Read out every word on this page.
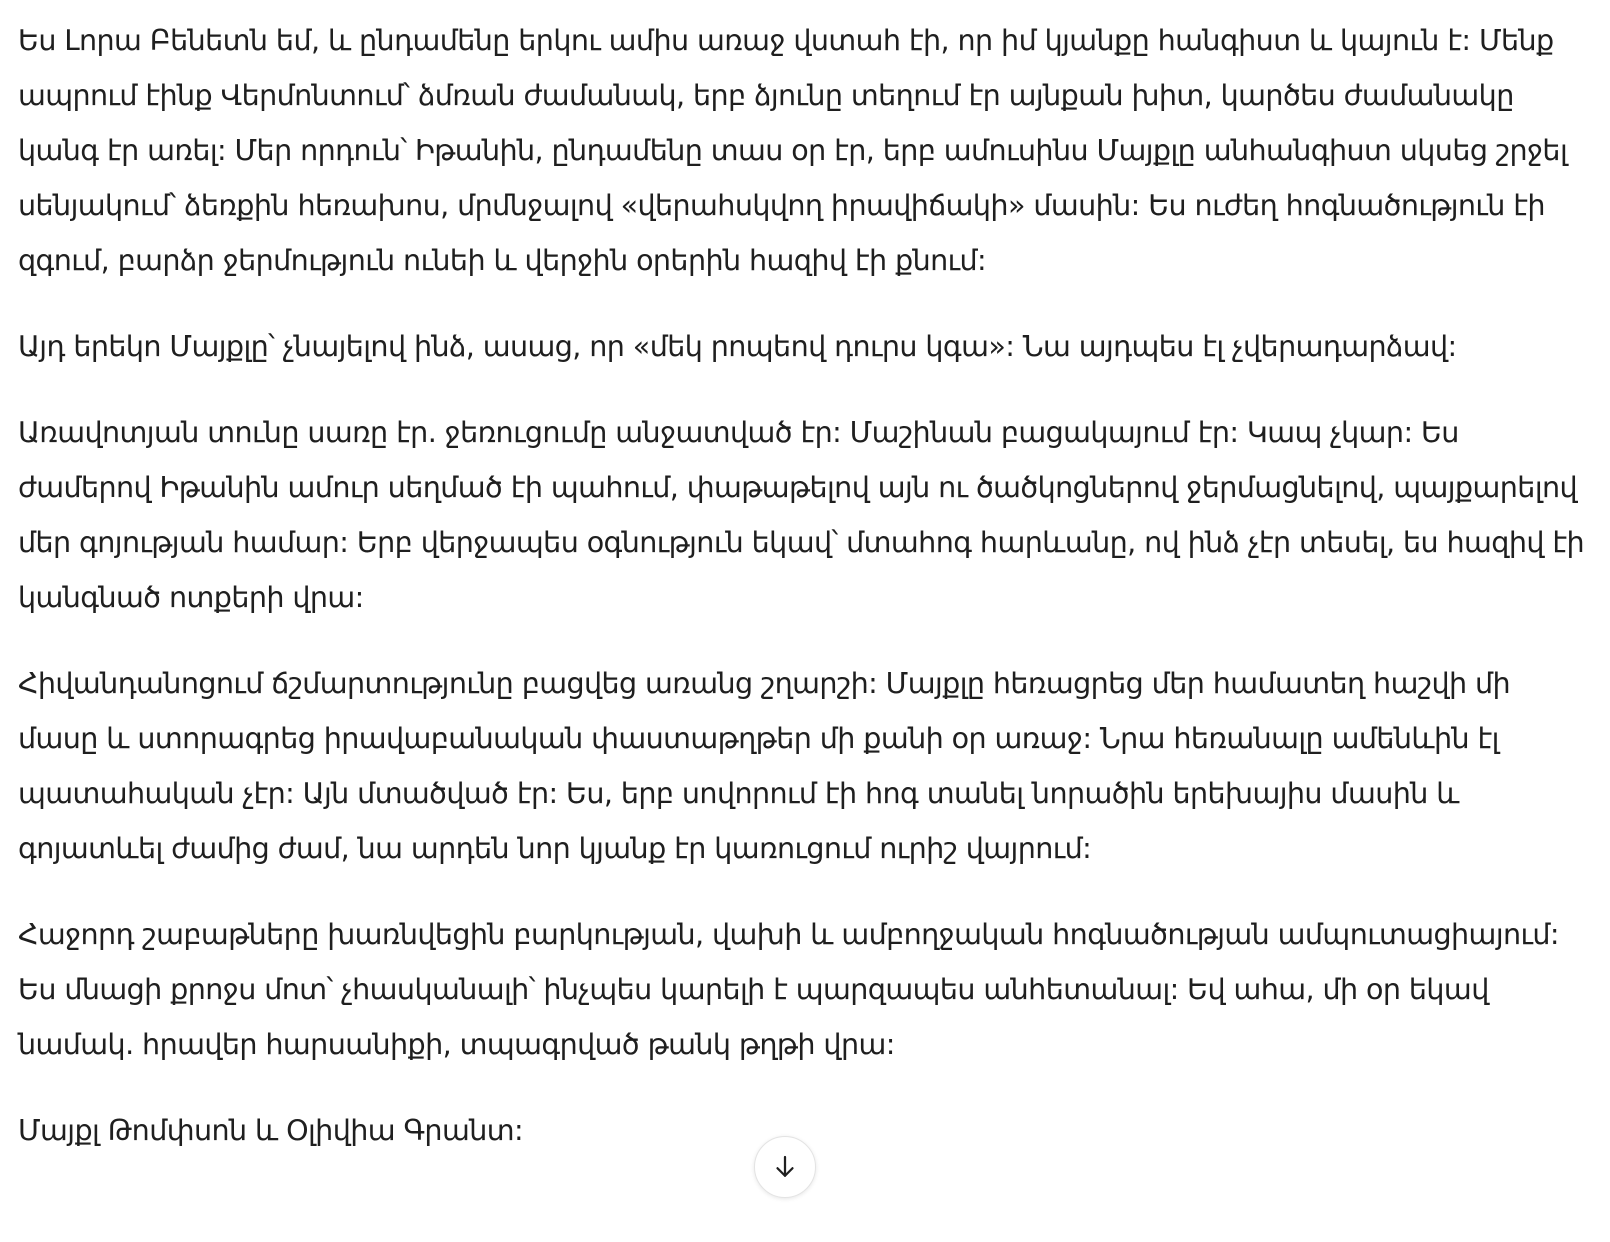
Ես Լորա Բենետն եմ, և ընդամենը երկու ամիս առաջ վստահ էի, որ իմ կյանքը հանգիստ և կայուն է: Մենք ապրում էինք Վերմոնտում՝ ձմռան ժամանակ, երբ ձյունը տեղում էր այնքան խիտ, կարծես ժամանակը կանգ էր առել: Մեր որդուն՝ Իթանին, ընդամենը տաս օր էր, երբ ամուսինս Մայքլը անհանգիստ սկսեց շրջել սենյակում՝ ձեռքին հեռախոս, մրմնջալով «վերահսկվող իրավիճակի» մասին: Ես ուժեղ հոգնածություն էի զգում, բարձր ջերմություն ունեի և վերջին օրերին հազիվ էի քնում:

Այդ երեկո Մայքլը՝ չնայելով ինձ, ասաց, որ «մեկ րոպեով դուրս կգա»: Նա այդպես էլ չվերադարձավ:

Առավոտյան տունը սառը էր. ջեռուցումը անջատված էր: Մաշինան բացակայում էր: Կապ չկար: Ես ժամերով Իթանին ամուր սեղմած էի պահում, փաթաթելով այն ու ծածկոցներով ջերմացնելով, պայքարելով մեր գոյության համար: Երբ վերջապես օգնություն եկավ՝ մտահոգ հարևանը, ով ինձ չէր տեսել, ես հազիվ էի կանգնած ոտքերի վրա:

Հիվանդանոցում ճշմարտությունը բացվեց առանց շղարշի: Մայքլը հեռացրեց մեր համատեղ հաշվի մի մասը և ստորագրեց իրավաբանական փաստաթղթեր մի քանի օր առաջ: Նրա հեռանալը ամենևին էլ պատահական չէր: Այն մտածված էր: Ես, երբ սովորում էի հոգ տանել նորածին երեխայիս մասին և գոյատևել ժամից ժամ, նա արդեն նոր կյանք էր կառուցում ուրիշ վայրում:

Հաջորդ շաբաթները խառնվեցին բարկության, վախի և ամբողջական հոգնածության ամպուտացիայում: Ես մնացի քրոջս մոտ՝ չհասկանալի՝ ինչպես կարելի է պարզապես անհետանալ: Եվ ահա, մի օր եկավ նամակ. հրավեր հարսանիքի, տպագրված թանկ թղթի վրա:

Մայքլ Թոմփսոն և Օլիվիա Գրանտ:
